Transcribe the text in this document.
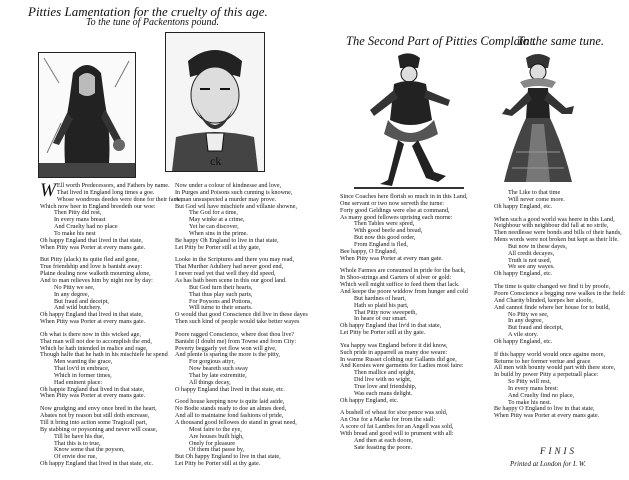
Pitties Lamentation for the cruelty of this age.
To the tune of Packentons pound.
The Second Part of Pitties Complaint.
To the same tune.
ck
W Ell worth Predecessors, and Fathers by name.
That lived in England long times a goe.
Whose wondrous deedes were done for their fame,
Which now heer in England breedeth our woe:
Then Pitty did rest,
In every mans breast
And Cruelty had no place
To make his nest
Oh happy England that lived in that state,
When Pitty was Porter at every mans gate.
But Pitty (alack) its quite fled and gone,
True friendship and love is banisht away:
Plaine dealing now walketh mourning alone,
And to man relieves him by night nor by day:
No Pitty we see,
In any degree,
But fraud and deceipt,
And wild butchery.
Oh happy England that lived in that state,
When Pitty was Porter at every mans gate.
Oh what is there now in this wicked age,
That man will not doe to accomplish the end,
Which he hath intended in malice and rage,
Though halfe that he hath in his mischiefe he spend
Men wanting the grace,
That lov'd in embrace,
Which in former times,
Had eminent place:
Oh happie England that lived in that state,
When Pitty was Porter at every mans gate.
Now grudging and envy once bred in the heart,
Abates not by reason but still doth encrease,
Till it bring into action some Tragicall part,
By stabbing or poysoning and never will cease,
Till he have his due,
That this is to true,
Know some that the poyson,
Of envie doe rue,
Oh happy England that lived in that state, etc.
Now under a colour of kindnesse and love,
In Purges and Poisons such cunning is knowne,
A man unsuspected a murder may prove.
But God wil have mischiefe and villanie showne,
The God for a time,
May winke at a crime,
Yet he can discover,
When sins in the prime.
Be happy Oh England to live in that state,
Let Pitty be Porter still at thy gate,
Looke in the Scriptures and there you may read,
That Murther Adultery had never good end,
I never read yet that well they did speed,
As has bath been scene in this our good land.
But God turn their hearts,
That thus play such parts,
For Poysons and Potions,
Will turne to their smarts.
O would that good Conscience did live in these dayes
Then such kind of people would take better wayes
Poore ragged Conscience, where dost thou live?
Banisht (I doubt me) from Towne and from City:
Poverty beggarly yet flow won will give,
And plenie is sparing the more is the pitty,
For gorgious attyr,
Now beareth such sway
That by late extremitie,
All things decay,
O happy England that lived in that state, etc.
Good house keeping now is quite laid aside,
No Bodie stands ready to doe an almes deed,
And all to maintaine fond fashions of pride,
A thousand good fellowes do stand in great need,
Most faire to the eye,
Are houses built high,
Onely for pleasure
Of them that passe by,
But Oh happy England to live in that state,
Let Pitty be Porter still at thy gate.
Since Coaches here florish so much in in this Land,
One servant or two now serveth the turne:
Forty good Geldings were else at command,
As many good fellowes uprising each morne:
Then Tables were spred,
With good beefe and bread,
But now this good order,
From England is fled,
Bee happy, O England,
When Pitty was Porter at every man gate.
Whole Farmes are consumed in pride for the back,
In Shoo-strings and Garters of silver or gold:
Which well might suffice to feed them that lack.
And keepe the poore widdow from hunger and cold
But hardnes of heart,
Hath so plaid his part,
That Pitty now sweepeth,
In heare of our smart.
Oh happy England that liv'd in that state,
Let Pitty be Porter still at thy gate.
Yea happy was England before it did know,
Such pride in apparrell as many doe weare:
In warme Russet clothing our Gallants did goe,
And Kersies were garments for Ladies most faire:
Then mallice and spight,
Did live with no wight,
True love and friendship,
Was each mans delight.
Oh happy England, etc.
A bushell of wheat for sixe pence was sold,
An Oxe for a Marke for from the stall:
A score of fat Lambes for an Angell was sold,
With bread and good will to prument with all:
And then at each doore,
Sate feasting the poore.
The Like to that time
Will never come more.
Oh happy England, etc.
When such a good world was heere in this Land,
Neighbour with neighbour did fall at no strife,
Then needlesse were bonds and bills of their hands,
Mens words were not broken but kept as their life.
But now in these dayes,
All credit decayes,
Truth is not used,
We see any wayes.
Oh happy England, etc.
The time is quite changed we find it by proofe,
Poore Conscience a begging now walkes in the field:
And Charity blinded, keepes her aloofe,
And cannot finde where her house for to build,
No Pitty we see,
In any degree,
But fraud and deceipt,
A vile story.
Oh happy England, etc.
If this happy world would once againe more,
Returne to her former vertue and grace
All men with bounty would part with there store,
In build by power Pitty a perpetuall place:
So Pitty will rest,
In every mans brest:
And Cruelty find no place,
To make his nest.
Be happy O England to live in that state,
When Pitty was Porter at every mans gate.
FINIS
Printed at London for I. W.
